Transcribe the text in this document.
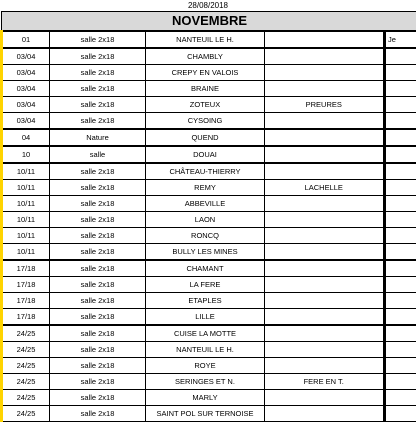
28/08/2018
NOVEMBRE					
01	salle 2x18	NANTEUIL LE H.			Je
03/04	salle 2x18	CHAMBLY			
03/04	salle 2x18	CREPY EN VALOIS			
03/04	salle 2x18	BRAINE			
03/04	salle 2x18	ZOTEUX	PREURES		
03/04	salle 2x18	CYSOING			
04	Nature	QUEND			
10	salle	DOUAI			
10/11	salle 2x18	CHÂTEAU-THIERRY			
10/11	salle 2x18	REMY	LACHELLE		
10/11	salle 2x18	ABBEVILLE			
10/11	salle 2x18	LAON			
10/11	salle 2x18	RONCQ			
10/11	salle 2x18	BULLY LES MINES			
17/18	salle 2x18	CHAMANT			
17/18	salle 2x18	LA FERE			
17/18	salle 2x18	ETAPLES			
17/18	salle 2x18	LILLE			
24/25	salle 2x18	CUISE LA MOTTE			
24/25	salle 2x18	NANTEUIL LE H.			
24/25	salle 2x18	ROYE			
24/25	salle 2x18	SERINGES ET N.	FERE EN T.		
24/25	salle 2x18	MARLY			
24/25	salle 2x18	SAINT POL SUR TERNOISE			
